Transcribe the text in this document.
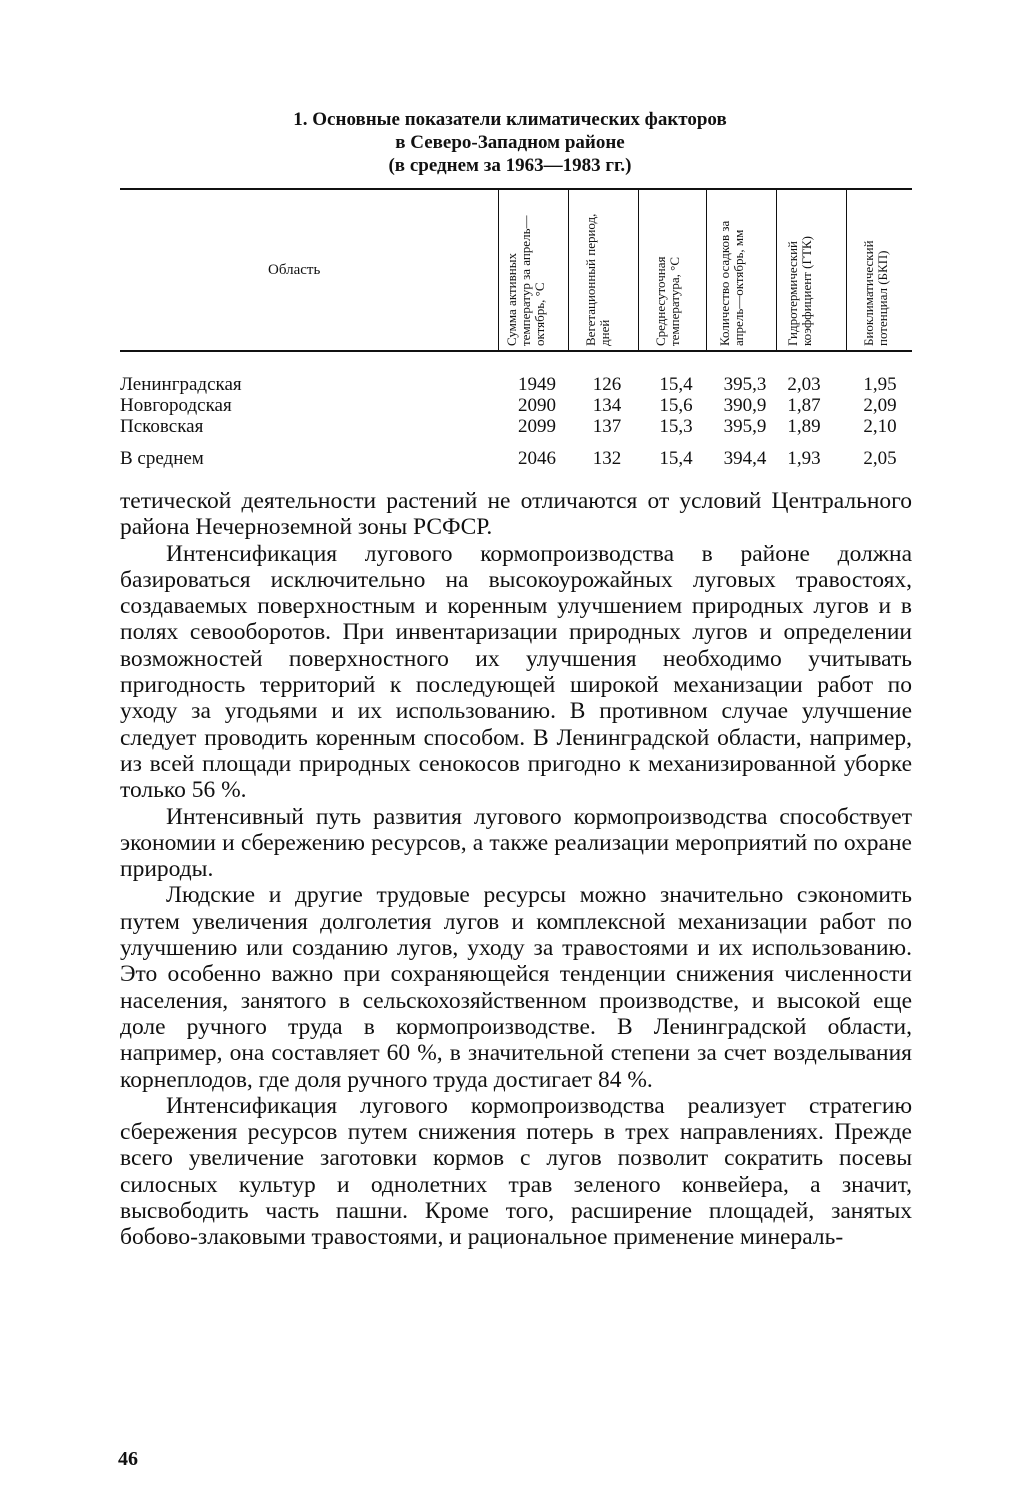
1. Основные показатели климатических факторов
в Северо-Западном районе
(в среднем за 1963—1983 гг.)
Область	Сумма активных температур за апрель—октябрь, °С	Вегетационный период, дней	Среднесуточная температура, °С	Количество осадков за апрель—октябрь, мм	Гидротермический коэффициент (ГТК)	Биоклиматический потенциал (БКП)
Ленинградская	1949	126	15,4	395,3	2,03	1,95
Новгородская	2090	134	15,6	390,9	1,87	2,09
Псковская	2099	137	15,3	395,9	1,89	2,10
В среднем	2046	132	15,4	394,4	1,93	2,05

тетической деятельности растений не отличаются от условий Центрального района Нечерноземной зоны РСФСР.

Интенсификация лугового кормопроизводства в районе должна базироваться исключительно на высокоурожайных луговых травостоях, создаваемых поверхностным и коренным улучшением природных лугов и в полях севооборотов. При инвентаризации природных лугов и определении возможностей поверхностного их улучшения необходимо учитывать пригодность территорий к последующей широкой механизации работ по уходу за угодьями и их использованию. В противном случае улучшение следует проводить коренным способом. В Ленинградской области, например, из всей площади природных сенокосов пригодно к механизированной уборке только 56 %.

Интенсивный путь развития лугового кормопроизводства способствует экономии и сбережению ресурсов, а также реализации мероприятий по охране природы.

Людские и другие трудовые ресурсы можно значительно сэкономить путем увеличения долголетия лугов и комплексной механизации работ по улучшению или созданию лугов, уходу за травостоями и их использованию. Это особенно важно при сохраняющейся тенденции снижения численности населения, занятого в сельскохозяйственном производстве, и высокой еще доле ручного труда в кормопроизводстве. В Ленинградской области, например, она составляет 60 %, в значительной степени за счет возделывания корнеплодов, где доля ручного труда достигает 84 %.

Интенсификация лугового кормопроизводства реализует стратегию сбережения ресурсов путем снижения потерь в трех направлениях. Прежде всего увеличение заготовки кормов с лугов позволит сократить посевы силосных культур и однолетних трав зеленого конвейера, а значит, высвободить часть пашни. Кроме того, расширение площадей, занятых бобово-злаковыми травостоями, и рациональное применение минераль-

46
